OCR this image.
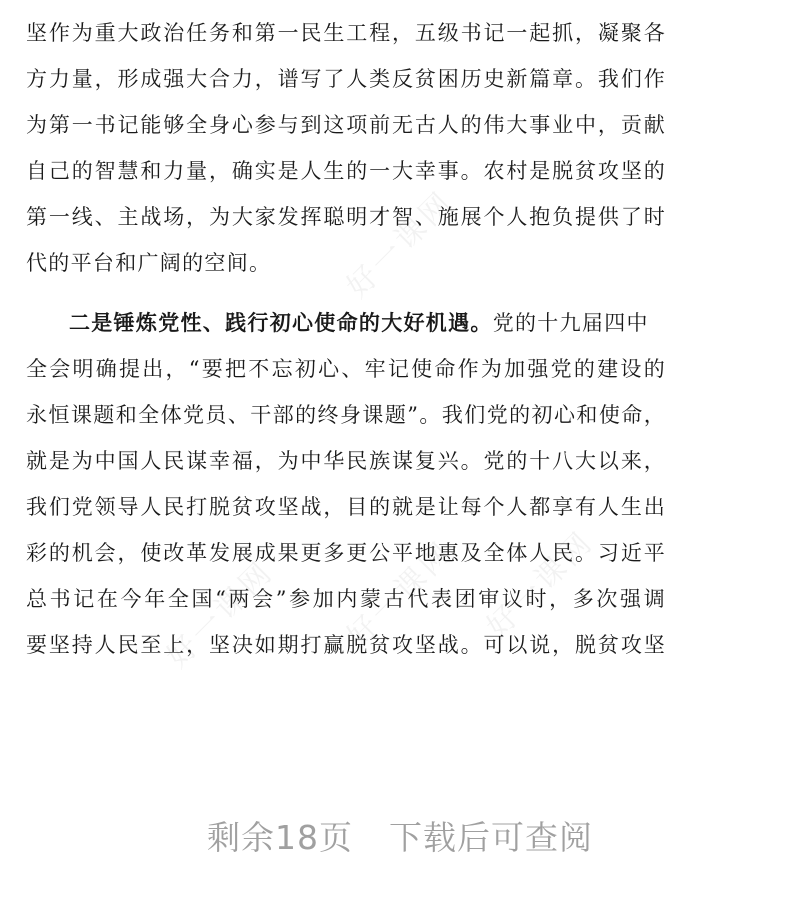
好一课网
好一课网 好一课网 好一课网
坚作为重大政治任务和第一民生工程，五级书记一起抓，凝聚各
方力量，形成强大合力，谱写了人类反贫困历史新篇章。我们作
为第一书记能够全身心参与到这项前无古人的伟大事业中，贡献
自己的智慧和力量，确实是人生的一大幸事。农村是脱贫攻坚的
第一线、主战场，为大家发挥聪明才智、施展个人抱负提供了时
代的平台和广阔的空间。
二是锤炼党性、践行初心使命的大好机遇。党的十九届四中
全会明确提出，“要把不忘初心、牢记使命作为加强党的建设的
永恒课题和全体党员、干部的终身课题”。我们党的初心和使命，
就是为中国人民谋幸福，为中华民族谋复兴。党的十八大以来，
我们党领导人民打脱贫攻坚战，目的就是让每个人都享有人生出
彩的机会，使改革发展成果更多更公平地惠及全体人民。习近平
总书记在今年全国“两会”参加内蒙古代表团审议时，多次强调
要坚持人民至上，坚决如期打赢脱贫攻坚战。可以说，脱贫攻坚
剩余18页 下载后可查阅
